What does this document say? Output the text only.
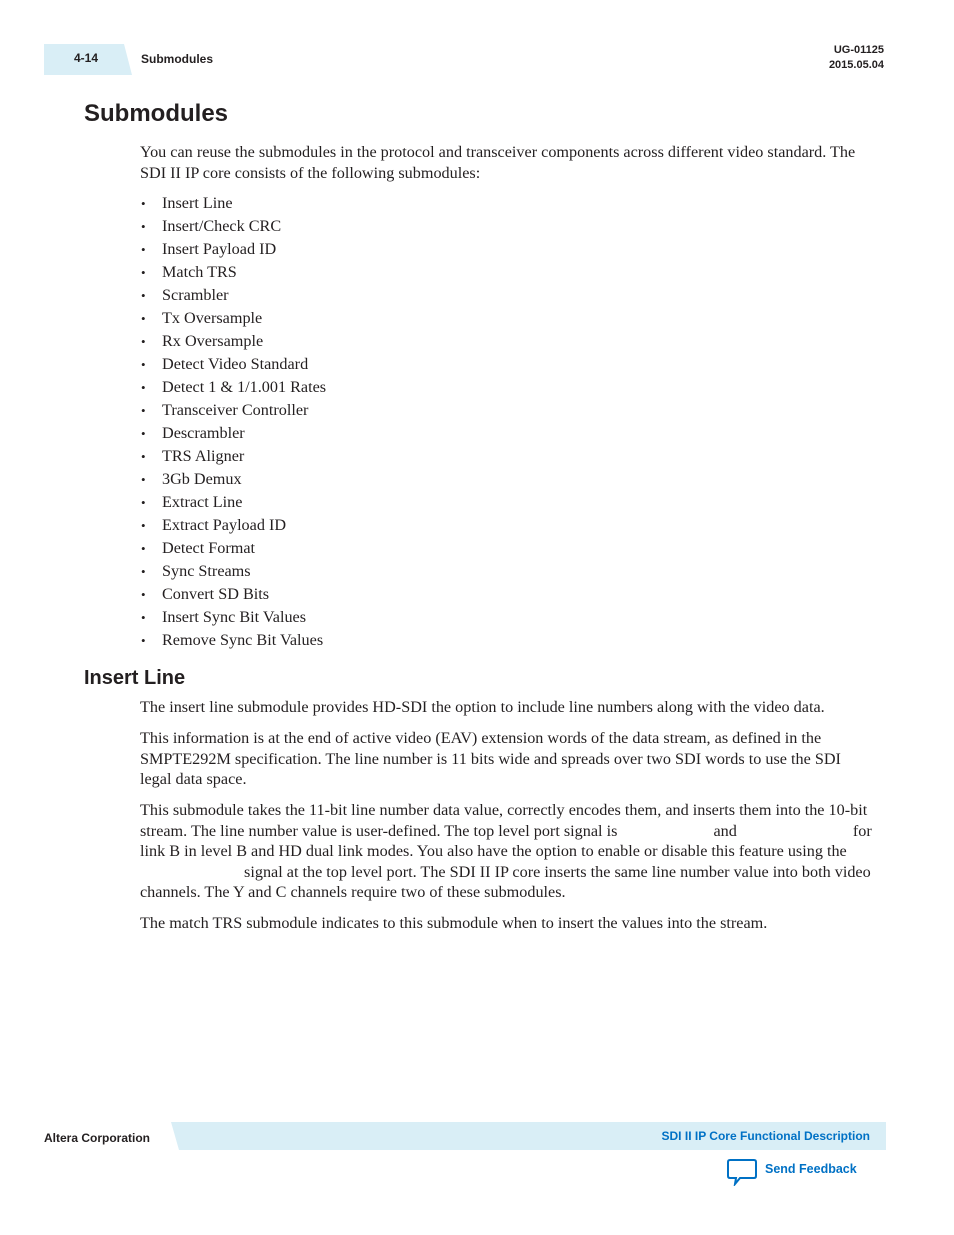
4-14	Submodules
UG-01125
2015.05.04
Submodules

You can reuse the submodules in the protocol and transceiver components across different video standard. The SDI II IP core consists of the following submodules:

• Insert Line
• Insert/Check CRC
• Insert Payload ID
• Match TRS
• Scrambler
• Tx Oversample
• Rx Oversample
• Detect Video Standard
• Detect 1 & 1/1.001 Rates
• Transceiver Controller
• Descrambler
• TRS Aligner
• 3Gb Demux
• Extract Line
• Extract Payload ID
• Detect Format
• Sync Streams
• Convert SD Bits
• Insert Sync Bit Values
• Remove Sync Bit Values
Insert Line

The insert line submodule provides HD-SDI the option to include line numbers along with the video data.

This information is at the end of active video (EAV) extension words of the data stream, as defined in the SMPTE292M specification. The line number is 11 bits wide and spreads over two SDI words to use the SDI legal data space.

This submodule takes the 11-bit line number data value, correctly encodes them, and inserts them into the 10-bit stream. The line number value is user-defined. The top level port signal is	and	for link B in level B and HD dual link modes. You also have the option to enable or disable this feature using the signal at the top level port. The SDI II IP core inserts the same line number value into both video channels. The Y and C channels require two of these submodules.

The match TRS submodule indicates to this submodule when to insert the values into the stream.

Altera Corporation	SDI II IP Core Functional Description
Send Feedback
